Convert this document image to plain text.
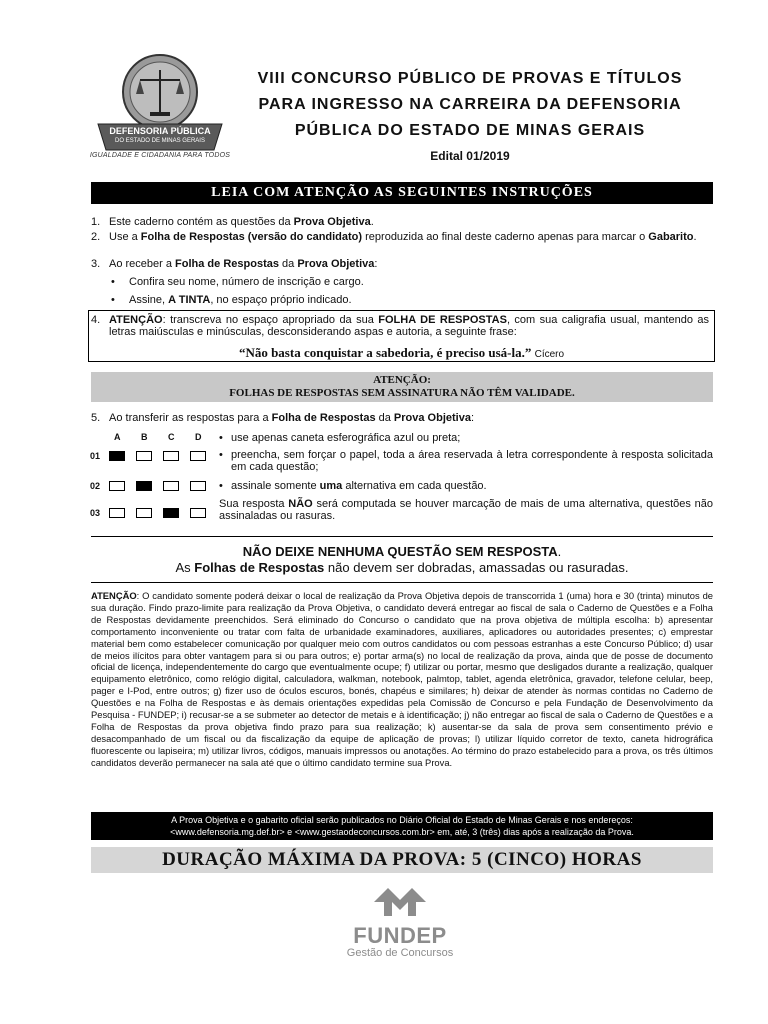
DEFENSORIA PÚBLICA
DO ESTADO DE MINAS GERAIS
IGUALDADE E CIDADANIA PARA TODOS
VIII CONCURSO PÚBLICO DE PROVAS E TÍTULOS
PARA INGRESSO NA CARREIRA DA DEFENSORIA
PÚBLICA DO ESTADO DE MINAS GERAIS
Edital 01/2019
LEIA COM ATENÇÃO AS SEGUINTES INSTRUÇÕES
1. Este caderno contém as questões da Prova Objetiva.
2. Use a Folha de Respostas (versão do candidato) reproduzida ao final deste caderno apenas para marcar o Gabarito.
3. Ao receber a Folha de Respostas da Prova Objetiva:
• Confira seu nome, número de inscrição e cargo.
• Assine, A TINTA, no espaço próprio indicado.
4. ATENÇÃO: transcreva no espaço apropriado da sua FOLHA DE RESPOSTAS, com sua caligrafia usual, mantendo as letras maiúsculas e minúsculas, desconsiderando aspas e autoria, a seguinte frase:
“Não basta conquistar a sabedoria, é preciso usá-la.” Cícero
ATENÇÃO:
FOLHAS DE RESPOSTAS SEM ASSINATURA NÃO TÊM VALIDADE.
5. Ao transferir as respostas para a Folha de Respostas da Prova Objetiva:
A B C D
01
02
03
• use apenas caneta esferográfica azul ou preta;
• preencha, sem forçar o papel, toda a área reservada à letra correspondente à resposta solicitada em cada questão;
• assinale somente uma alternativa em cada questão.
Sua resposta NÃO será computada se houver marcação de mais de uma alternativa, questões não assinaladas ou rasuras.
NÃO DEIXE NENHUMA QUESTÃO SEM RESPOSTA.
As Folhas de Respostas não devem ser dobradas, amassadas ou rasuradas.
ATENÇÃO: O candidato somente poderá deixar o local de realização da Prova Objetiva depois de transcorrida 1 (uma) hora e 30 (trinta) minutos de sua duração. Findo prazo-limite para realização da Prova Objetiva, o candidato deverá entregar ao fiscal de sala o Caderno de Questões e a Folha de Respostas devidamente preenchidos. Será eliminado do Concurso o candidato que na prova objetiva de múltipla escolha: b) apresentar comportamento inconveniente ou tratar com falta de urbanidade examinadores, auxiliares, aplicadores ou autoridades presentes; c) emprestar material bem como estabelecer comunicação por qualquer meio com outros candidatos ou com pessoas estranhas a este Concurso Público; d) usar de meios ilícitos para obter vantagem para si ou para outros; e) portar arma(s) no local de realização da prova, ainda que de posse de documento oficial de licença, independentemente do cargo que eventualmente ocupe; f) utilizar ou portar, mesmo que desligados durante a realização, qualquer equipamento eletrônico, como relógio digital, calculadora, walkman, notebook, palmtop, tablet, agenda eletrônica, gravador, telefone celular, beep, pager e I-Pod, entre outros; g) fizer uso de óculos escuros, bonés, chapéus e similares; h) deixar de atender às normas contidas no Caderno de Questões e na Folha de Respostas e às demais orientações expedidas pela Comissão de Concurso e pela Fundação de Desenvolvimento da Pesquisa - FUNDEP; i) recusar-se a se submeter ao detector de metais e à identificação; j) não entregar ao fiscal de sala o Caderno de Questões e a Folha de Respostas da prova objetiva findo prazo para sua realização; k) ausentar-se da sala de prova sem consentimento prévio e desacompanhado de um fiscal ou da fiscalização da equipe de aplicação de provas; l) utilizar líquido corretor de texto, caneta hidrográfica fluorescente ou lapiseira; m) utilizar livros, códigos, manuais impressos ou anotações. Ao término do prazo estabelecido para a prova, os três últimos candidatos deverão permanecer na sala até que o último candidato termine sua Prova.
A Prova Objetiva e o gabarito oficial serão publicados no Diário Oficial do Estado de Minas Gerais e nos endereços:
<www.defensoria.mg.def.br> e <www.gestaodeconcursos.com.br> em, até, 3 (três) dias após a realização da Prova.
DURAÇÃO MÁXIMA DA PROVA: 5 (CINCO) HORAS
FUNDEP
Gestão de Concursos
